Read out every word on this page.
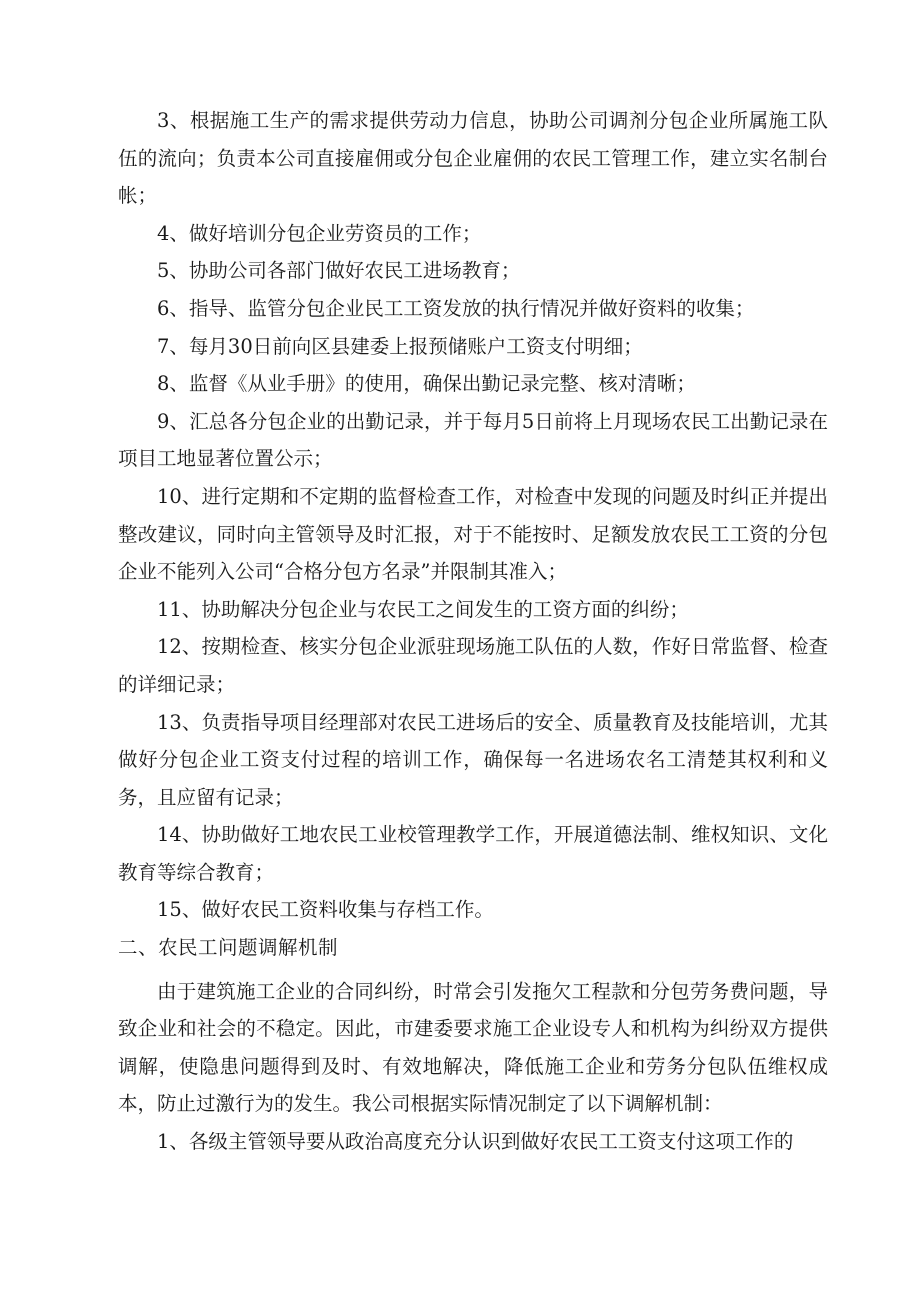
3、根据施工生产的需求提供劳动力信息，协助公司调剂分包企业所属施工队伍的流向；负责本公司直接雇佣或分包企业雇佣的农民工管理工作，建立实名制台帐；

4、做好培训分包企业劳资员的工作；

5、协助公司各部门做好农民工进场教育；

6、指导、监管分包企业民工工资发放的执行情况并做好资料的收集；

7、每月30日前向区县建委上报预储账户工资支付明细；

8、监督《从业手册》的使用，确保出勤记录完整、核对清晰；

9、汇总各分包企业的出勤记录，并于每月5日前将上月现场农民工出勤记录在项目工地显著位置公示；

10、进行定期和不定期的监督检查工作，对检查中发现的问题及时纠正并提出整改建议，同时向主管领导及时汇报，对于不能按时、足额发放农民工工资的分包企业不能列入公司“合格分包方名录”并限制其准入；

11、协助解决分包企业与农民工之间发生的工资方面的纠纷；

12、按期检查、核实分包企业派驻现场施工队伍的人数，作好日常监督、检查的详细记录；

13、负责指导项目经理部对农民工进场后的安全、质量教育及技能培训，尤其做好分包企业工资支付过程的培训工作，确保每一名进场农名工清楚其权利和义务，且应留有记录；

14、协助做好工地农民工业校管理教学工作，开展道德法制、维权知识、文化教育等综合教育；

15、做好农民工资料收集与存档工作。

二、农民工问题调解机制

由于建筑施工企业的合同纠纷，时常会引发拖欠工程款和分包劳务费问题，导致企业和社会的不稳定。因此，市建委要求施工企业设专人和机构为纠纷双方提供调解，使隐患问题得到及时、有效地解决，降低施工企业和劳务分包队伍维权成本，防止过激行为的发生。我公司根据实际情况制定了以下调解机制：

1、各级主管领导要从政治高度充分认识到做好农民工工资支付这项工作的
